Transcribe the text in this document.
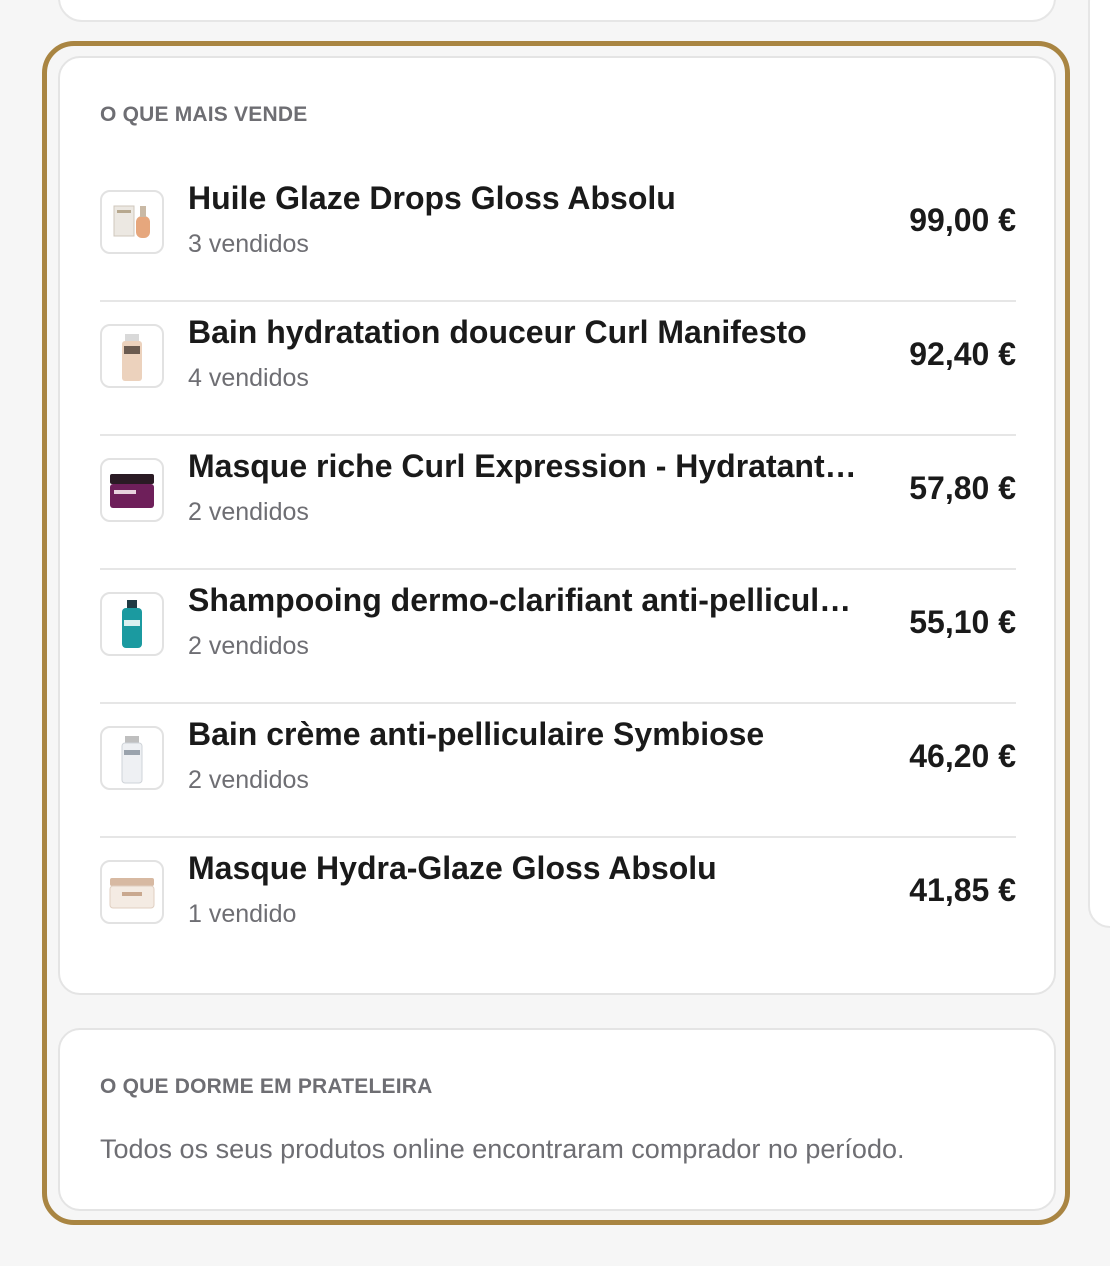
O QUE MAIS VENDE
Huile Glaze Drops Gloss Absolu
3 vendidos
99,00 €
Bain hydratation douceur Curl Manifesto
4 vendidos
92,40 €
Masque riche Curl Expression - Hydratant…
2 vendidos
57,80 €
Shampooing dermo-clarifiant anti-pellicul…
2 vendidos
55,10 €
Bain crème anti-pelliculaire Symbiose
2 vendidos
46,20 €
Masque Hydra-Glaze Gloss Absolu
1 vendido
41,85 €
O QUE DORME EM PRATELEIRA
Todos os seus produtos online encontraram comprador no período.
